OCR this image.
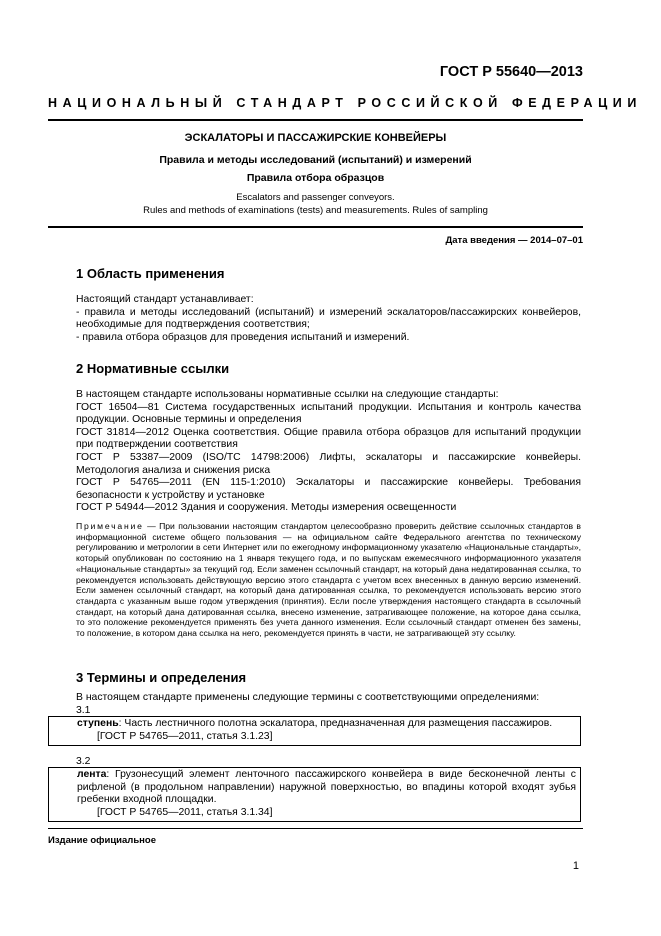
ГОСТ Р 55640—2013
НАЦИОНАЛЬНЫЙ СТАНДАРТ РОССИЙСКОЙ ФЕДЕРАЦИИ
ЭСКАЛАТОРЫ И ПАССАЖИРСКИЕ КОНВЕЙЕРЫ
Правила и методы исследований (испытаний) и измерений
Правила отбора образцов
Escalators and passenger conveyors.
Rules and methods of examinations (tests) and measurements. Rules of sampling
Дата введения — 2014–07–01
1 Область применения

Настоящий стандарт устанавливает:

- правила и методы исследований (испытаний) и измерений эскалаторов/пассажирских конвейеров, необходимые для подтверждения соответствия;

- правила отбора образцов для проведения испытаний и измерений.

2 Нормативные ссылки

В настоящем стандарте использованы нормативные ссылки на следующие стандарты:

ГОСТ 16504—81 Система государственных испытаний продукции. Испытания и контроль качества продукции. Основные термины и определения

ГОСТ 31814—2012 Оценка соответствия. Общие правила отбора образцов для испытаний продукции при подтверждении соответствия

ГОСТ Р 53387—2009 (ISO/TC 14798:2006) Лифты, эскалаторы и пассажирские конвейеры. Методология анализа и снижения риска

ГОСТ Р 54765—2011 (EN 115-1:2010) Эскалаторы и пассажирские конвейеры. Требования безопасности к устройству и установке

ГОСТ Р 54944—2012 Здания и сооружения. Методы измерения освещенности

Примечание — При пользовании настоящим стандартом целесообразно проверить действие ссылочных стандартов в информационной системе общего пользования — на официальном сайте Федерального агентства по техническому регулированию и метрологии в сети Интернет или по ежегодному информационному указателю «Национальные стандарты», который опубликован по состоянию на 1 января текущего года, и по выпускам ежемесячного информационного указателя «Национальные стандарты» за текущий год. Если заменен ссылочный стандарт, на который дана недатированная ссылка, то рекомендуется использовать действующую версию этого стандарта с учетом всех внесенных в данную версию изменений. Если заменен ссылочный стандарт, на который дана датированная ссылка, то рекомендуется использовать версию этого стандарта с указанным выше годом утверждения (принятия). Если после утверждения настоящего стандарта в ссылочный стандарт, на который дана датированная ссылка, внесено изменение, затрагивающее положение, на которое дана ссылка, то это положение рекомендуется применять без учета данного изменения. Если ссылочный стандарт отменен без замены, то положение, в котором дана ссылка на него, рекомендуется принять в части, не затрагивающей эту ссылку.
3 Термины и определения
В настоящем стандарте применены следующие термины с соответствующими определениями:
3.1

ступень: Часть лестничного полотна эскалатора, предназначенная для размещения пассажиров.

[ГОСТ Р 54765—2011, статья 3.1.23]

3.2

лента: Грузонесущий элемент ленточного пассажирского конвейера в виде бесконечной ленты с рифленой (в продольном направлении) наружной поверхностью, во впадины которой входят зубья гребенки входной площадки.

[ГОСТ Р 54765—2011, статья 3.1.34]

Издание официальное
1
